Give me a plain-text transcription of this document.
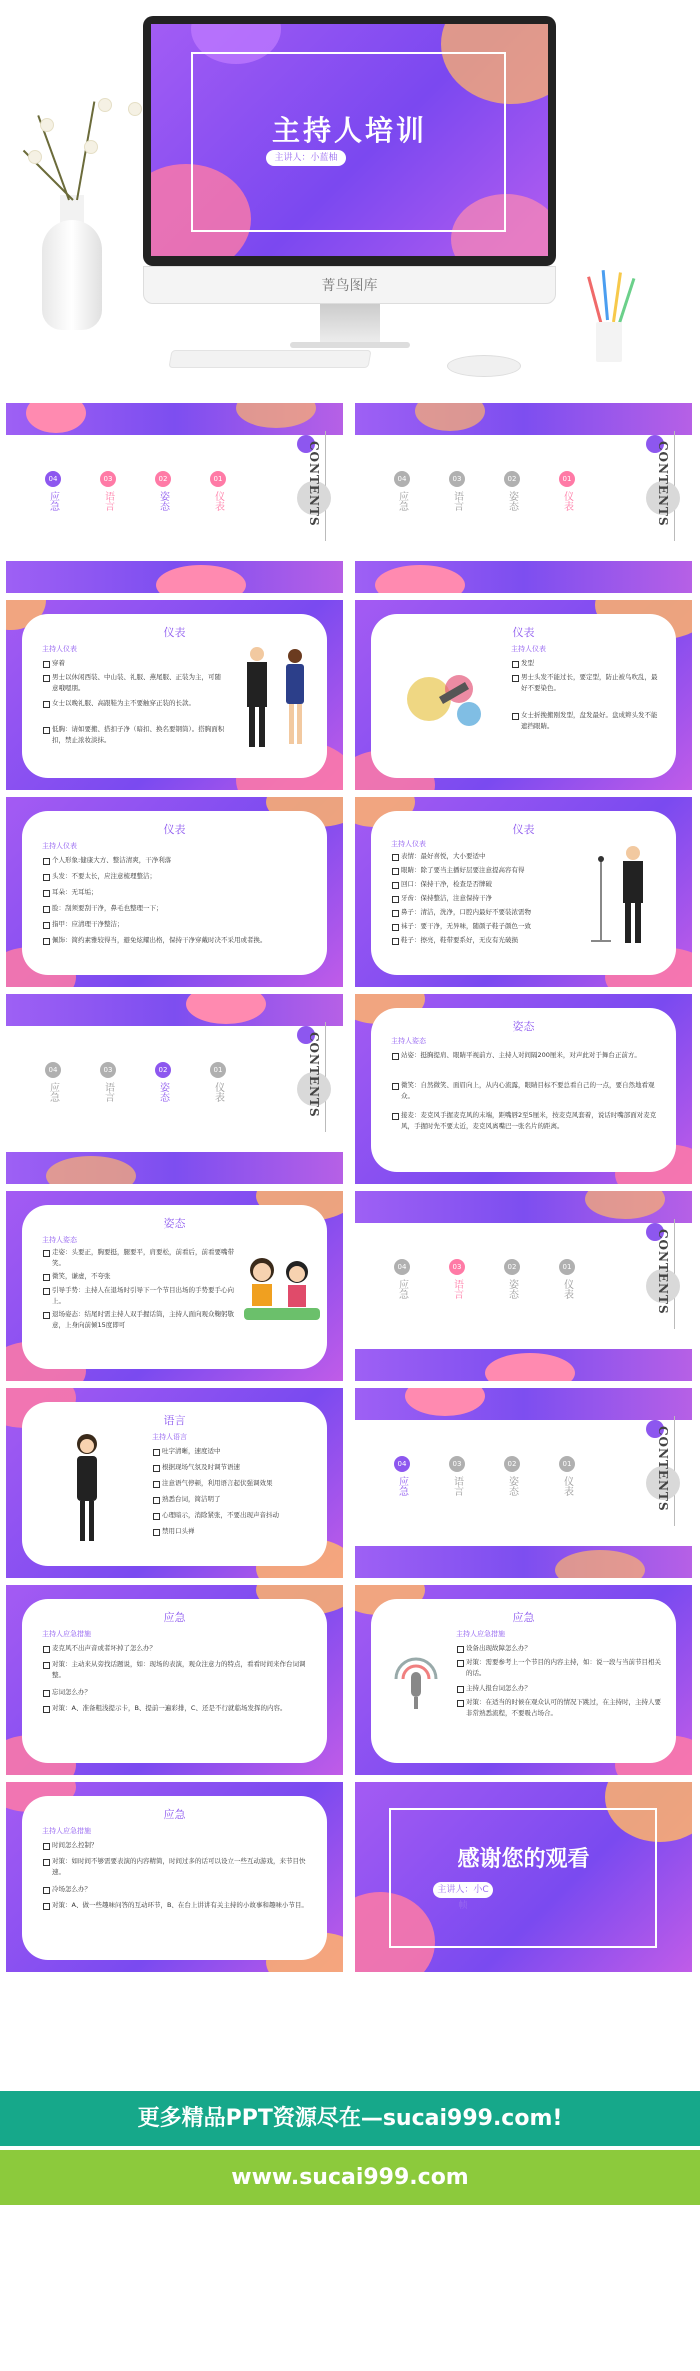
主持人培训
主讲人：小蓝柚
菁鸟图库
CONTENTS
04
应急
03
语言
02
姿态
01
仪表	CONTENTS
04
应急
03
语言
02
姿态
01
仪表
仪表
主持人仪表
穿着
男士以休闲西装、中山装、礼服、燕尾服、正装为主，可随意哦嗯朋。
女士以晚礼服、高跟鞋为主不要触穿正装的长款。
低胸：请如要搬、搭扣子净（暗扣、换名要钢筒）。搭胸面积扣，禁止浓妆淡抹。
仪表
主持人仪表
发型
男士头发不能过长，要定型，防止被鸟吹乱，最好不要染色。
女士折挽搬刚发型，盘发最好。盘成辫头发不能遮挡眼睛。
仪表
主持人仪表
个人形象:健康大方、整洁清爽，干净利落
头发：不要太长，应注意梳理整洁；
耳朵：无耳垢；
脸：刮须要刮干净，鼻毛也整理一下；
指甲：应清理干净整洁；
佩饰：简约素雅较得当，避免炫耀出格，保持干净穿戴时决不采用或者换。
仪表
主持人仪表
表情：最好喜悦，大小要适中
眼睛：除了要当主播好层要注意提高容有得
回口：保持干净，检查是否牌破
牙齿：保持整洁，注意保持干净
鼻子：清洁，洗净，口腔内最好不要装浓需物
袜子：要干净，无异味，随颜子鞋子颜色一致
鞋子：擦亮，鞋带要系好，无皮有光破损
CONTENTS
04
应急
03
语言
02
姿态
01
仪表
姿态
主持人姿态
站姿：挺胸提肩、眼睛平视前方、主持人对间隔200厘米，对声此对于舞台正前方。
微笑：自然微笑、面眉向上，从内心流露，眼睛目标不要总看自己的一点，要自然地看观众。
接麦：麦克风手握麦克风的末端，距嘴唇2至5厘米，按麦克风套着，说话时嘴部面对麦克风，手握时先不要太近，麦克风离嘴巴一张名片的距离。
姿态
主持人姿态
走姿：头要正，胸要挺，腿要平，肩要松，前看后，前看要嘴带笑。
微笑，谦虚，不夸张
引导手势：主持人在退场时引导下一个节目出场的手势要手心向上。
退场姿态：结尾时需主持人双手握话筒，主持人面向观众鞠躬敬意，上身向前倾15度即可
CONTENTS
04
应急
03
语言
02
姿态
01
仪表
语言
主持人语言
吐字清晰，速度适中
根据现场气氛及时调节语速
注意语气停顿，利用语言起伏强调效果
熟悉台词，简洁明了
心理暗示，消除紧张，不要出现声音抖动
禁用口头禅
CONTENTS
04
应急
03
语言
02
姿态
01
仪表
应急
主持人应急措施
麦克风不出声音或者坏掉了怎么办？
对策：主动来从旁找话题说，如：现场的表演，观众注意力的特点，看看时间来作台词调整。
忘词怎么办？
对策：A、准备粗浅提示卡，B、提前一遍彩排，C、还是不行就临场发挥的内容。
应急
主持人应急措施
设备出现故障怎么办？
对策：需要参考上一个节目的内容主持，如：说一段与当前节目相关的话。
主持人报台词怎么办？
对策：在适当的时候在观众认可的情况下跳过，在主持时，主持人要非常熟悉流程，不要吸占场合。
应急
主持人应急措施
时间怎么控制？
对策：如时间不够需要表演的内容精简，时间过多的话可以设立一些互动游戏，来节目快速。
冷场怎么办？
对策：A、做一些趣味问答的互动环节，B、在台上讲讲有关主持的小故事和趣味小节目。
感谢您的观看
主讲人：小C帧
更多精品PPT资源尽在—sucai999.com!
www.sucai999.com
